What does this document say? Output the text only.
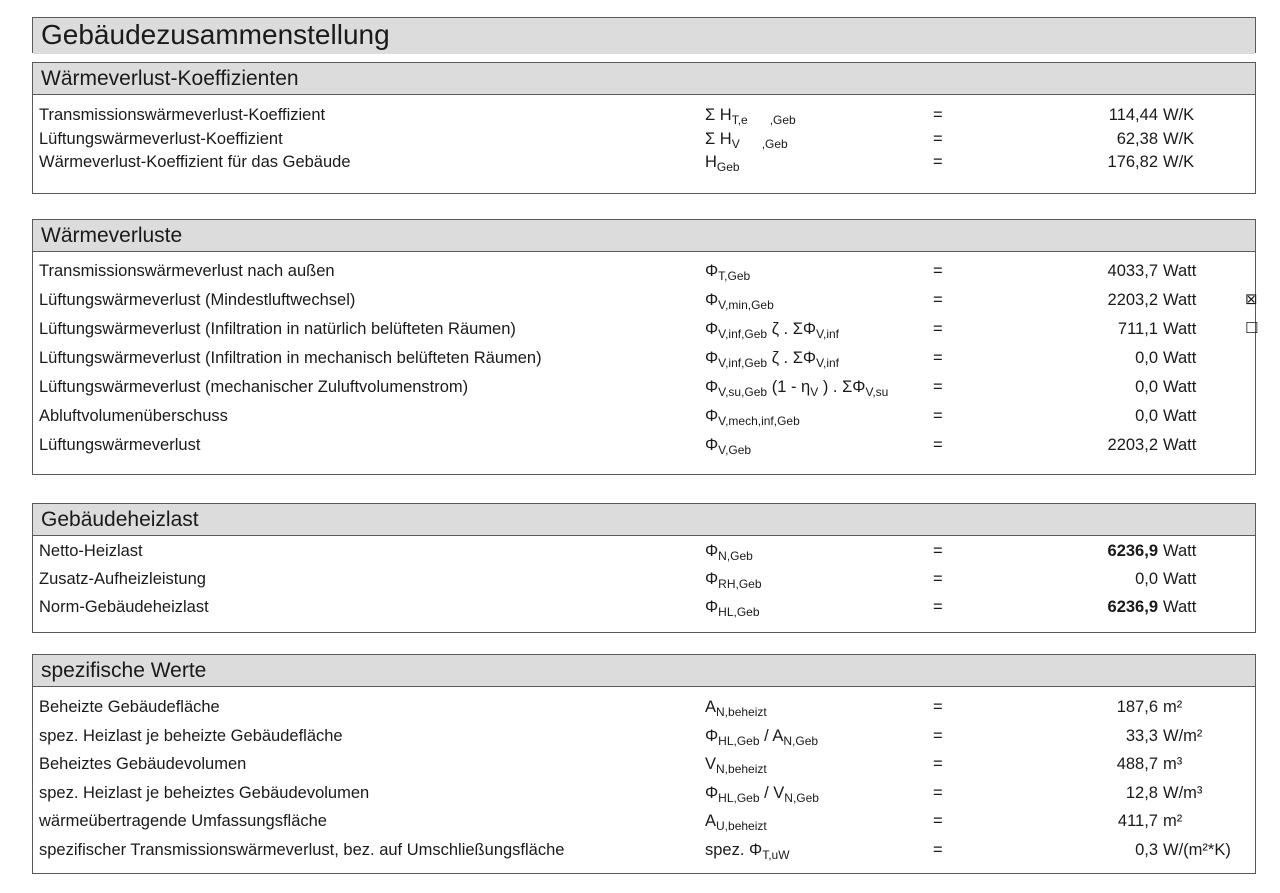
Gebäudezusammenstellung
Wärmeverlust-Koeffizienten
Transmissionswärmeverlust-Koeffizient	Σ $H_{T,e}$ $_{,Geb}$	=	114,44 W/K
Lüftungswärmeverlust-Koeffizient	Σ $H_V$ $_{,Geb}$	=	62,38 W/K
Wärmeverlust-Koeffizient für das Gebäude	$H_{Geb}$	=	176,82 W/K
Wärmeverluste
Transmissionswärmeverlust nach außen	$\Phi_{T,Geb}$	=	4033,7 Watt
Lüftungswärmeverlust (Mindestluftwechsel)	$\Phi_{V,min,Geb}$	=	2203,2 Watt	⊠
Lüftungswärmeverlust (Infiltration in natürlich belüfteten Räumen)	$\Phi_{V,inf,Geb}$ ζ . $\Sigma\Phi_{V,inf}$	=	711,1 Watt	☐
Lüftungswärmeverlust (Infiltration in mechanisch belüfteten Räumen)	$\Phi_{V,inf,Geb}$ ζ . $\Sigma\Phi_{V,inf}$	=	0,0 Watt
Lüftungswärmeverlust (mechanischer Zuluftvolumenstrom)	$\Phi_{V,su,Geb}$ ($1 - \eta_V$ ) . $\Sigma\Phi_{V,su}$	=	0,0 Watt
Abluftvolumenüberschuss	$\Phi_{V,mech,inf,Geb}$	=	0,0 Watt
Lüftungswärmeverlust	$\Phi_{V,Geb}$	=	2203,2 Watt
Gebäudeheizlast
Netto-Heizlast	$\Phi_{N,Geb}$	=	6236,9 Watt
Zusatz-Aufheizleistung	$\Phi_{RH,Geb}$	=	0,0 Watt
Norm-Gebäudeheizlast	$\Phi_{HL,Geb}$	=	6236,9 Watt
spezifische Werte
Beheizte Gebäudefläche	$A_{N,beheizt}$	=	187,6 m²
spez. Heizlast je beheizte Gebäudefläche	$\Phi_{HL,Geb} / A_{N,Geb}$	=	33,3 W/m²
Beheiztes Gebäudevolumen	$V_{N,beheizt}$	=	488,7 m³
spez. Heizlast je beheiztes Gebäudevolumen	$\Phi_{HL,Geb} / V_{N,Geb}$	=	12,8 W/m³
wärmeübertragende Umfassungsfläche	$A_{U,beheizt}$	=	411,7 m²
spezifischer Transmissionswärmeverlust, bez. auf Umschließungsfläche	spez. $\Phi_{T,uW}$	=	0,3 W/(m²*K)
